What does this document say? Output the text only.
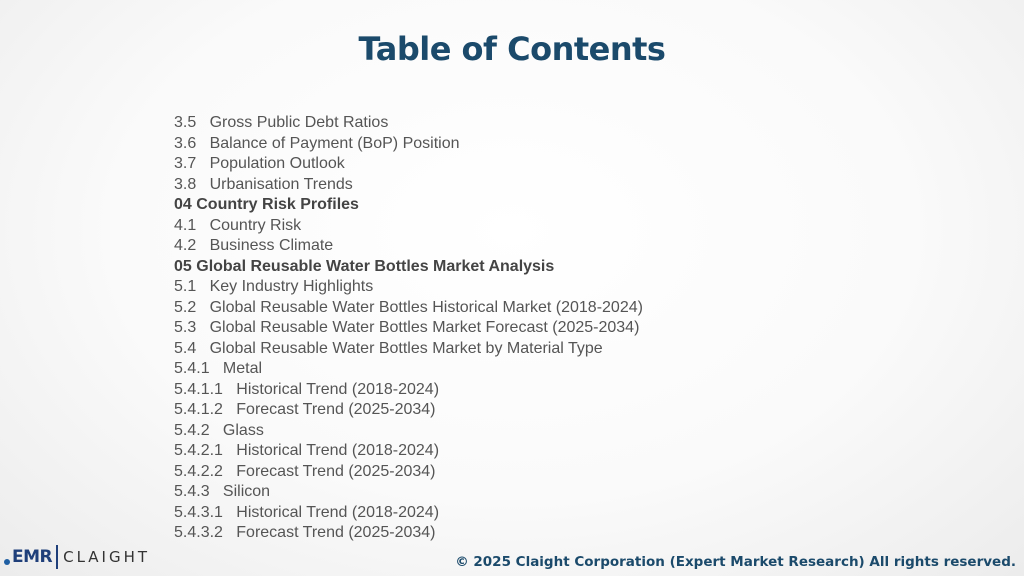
Table of Contents
3.5   Gross Public Debt Ratios
3.6   Balance of Payment (BoP) Position
3.7   Population Outlook
3.8   Urbanisation Trends
04 Country Risk Profiles
4.1   Country Risk
4.2   Business Climate
05 Global Reusable Water Bottles Market Analysis
5.1   Key Industry Highlights
5.2   Global Reusable Water Bottles Historical Market (2018-2024)
5.3   Global Reusable Water Bottles Market Forecast (2025-2034)
5.4   Global Reusable Water Bottles Market by Material Type
5.4.1   Metal
5.4.1.1   Historical Trend (2018-2024)
5.4.1.2   Forecast Trend (2025-2034)
5.4.2   Glass
5.4.2.1   Historical Trend (2018-2024)
5.4.2.2   Forecast Trend (2025-2034)
5.4.3   Silicon
5.4.3.1   Historical Trend (2018-2024)
5.4.3.2   Forecast Trend (2025-2034)
EMR CLAIGHT	© 2025 Claight Corporation (Expert Market Research) All rights reserved.
